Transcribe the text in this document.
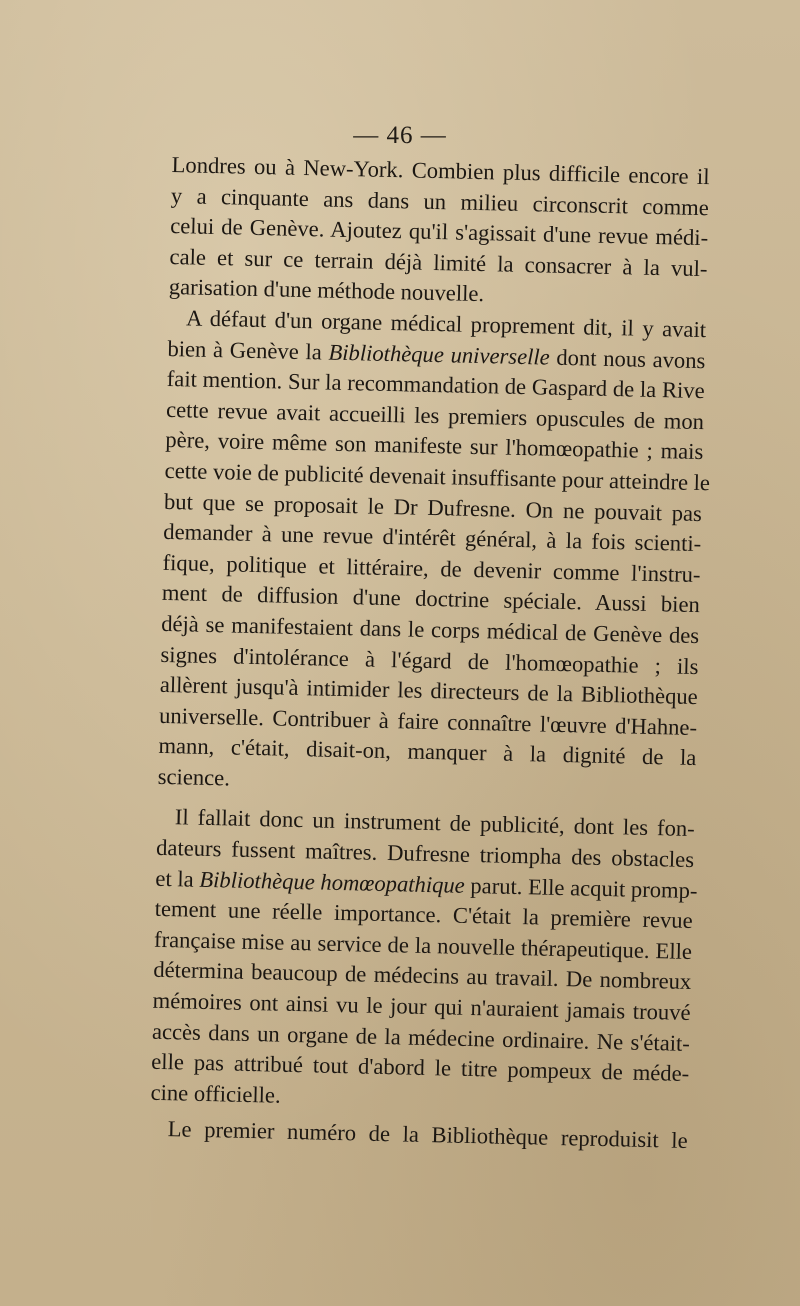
— 46 —
Londres ou à New-York. Combien plus difficile encore il
y a cinquante ans dans un milieu circonscrit comme
celui de Genève. Ajoutez qu'il s'agissait d'une revue médi-
cale et sur ce terrain déjà limité la consacrer à la vul-
garisation d'une méthode nouvelle.
A défaut d'un organe médical proprement dit, il y avait
bien à Genève la Bibliothèque universelle dont nous avons
fait mention. Sur la recommandation de Gaspard de la Rive
cette revue avait accueilli les premiers opuscules de mon
père, voire même son manifeste sur l'homœopathie ; mais
cette voie de publicité devenait insuffisante pour atteindre le
but que se proposait le Dr Dufresne. On ne pouvait pas
demander à une revue d'intérêt général, à la fois scienti-
fique, politique et littéraire, de devenir comme l'instru-
ment de diffusion d'une doctrine spéciale. Aussi bien
déjà se manifestaient dans le corps médical de Genève des
signes d'intolérance à l'égard de l'homœopathie ; ils
allèrent jusqu'à intimider les directeurs de la Bibliothèque
universelle. Contribuer à faire connaître l'œuvre d'Hahne-
mann, c'était, disait-on, manquer à la dignité de la
science.
Il fallait donc un instrument de publicité, dont les fon-
dateurs fussent maîtres. Dufresne triompha des obstacles
et la Bibliothèque homœopathique parut. Elle acquit promp-
tement une réelle importance. C'était la première revue
française mise au service de la nouvelle thérapeutique. Elle
détermina beaucoup de médecins au travail. De nombreux
mémoires ont ainsi vu le jour qui n'auraient jamais trouvé
accès dans un organe de la médecine ordinaire. Ne s'était-
elle pas attribué tout d'abord le titre pompeux de méde-
cine officielle.
Le premier numéro de la Bibliothèque reproduisit le
